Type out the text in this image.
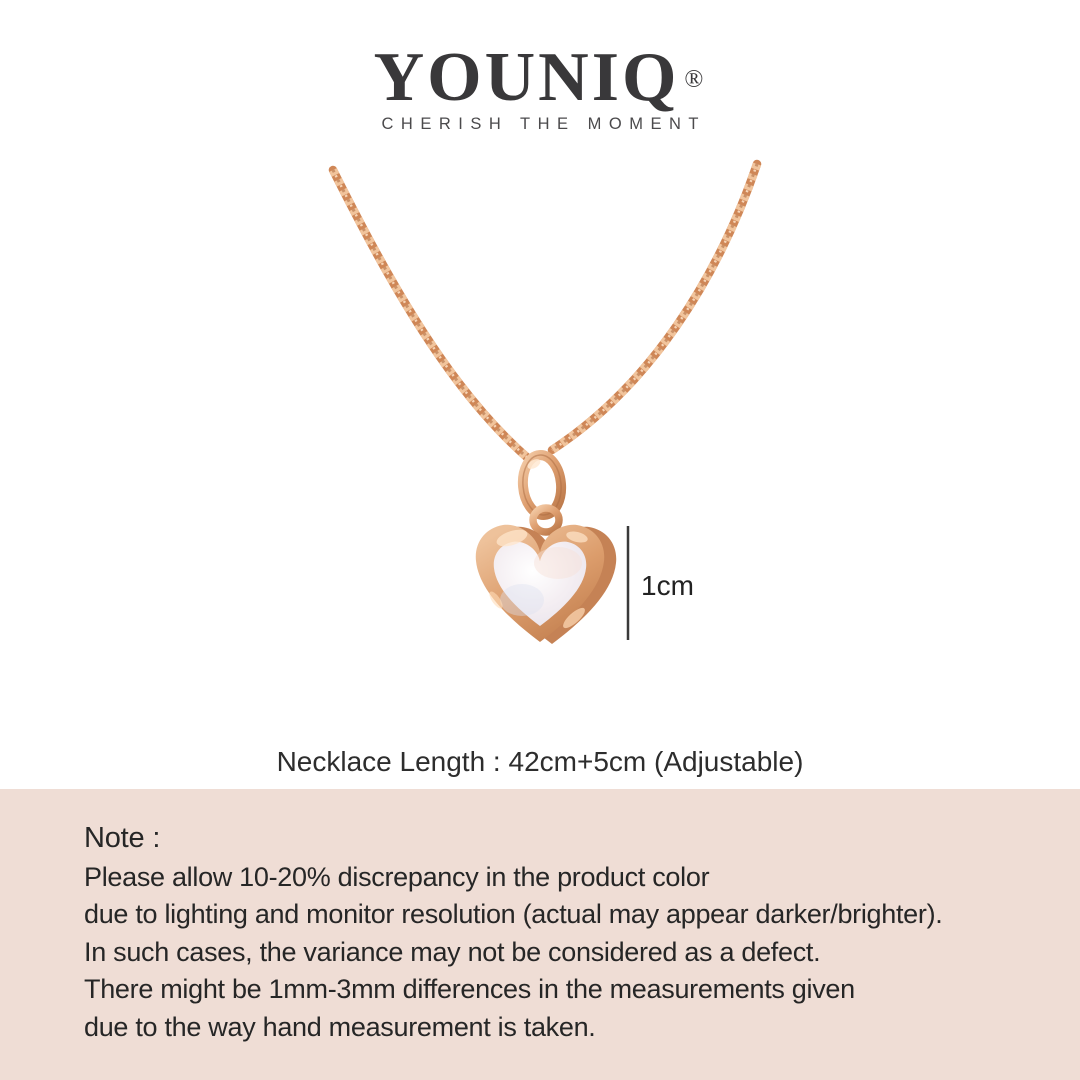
YOUNIQ ®
CHERISH THE MOMENT
1cm
Necklace Length : 42cm+5cm (Adjustable)
Note :
Please allow 10-20% discrepancy in the product color
due to lighting and monitor resolution (actual may appear darker/brighter).
In such cases, the variance may not be considered as a defect.
There might be 1mm-3mm differences in the measurements given
due to the way hand measurement is taken.
